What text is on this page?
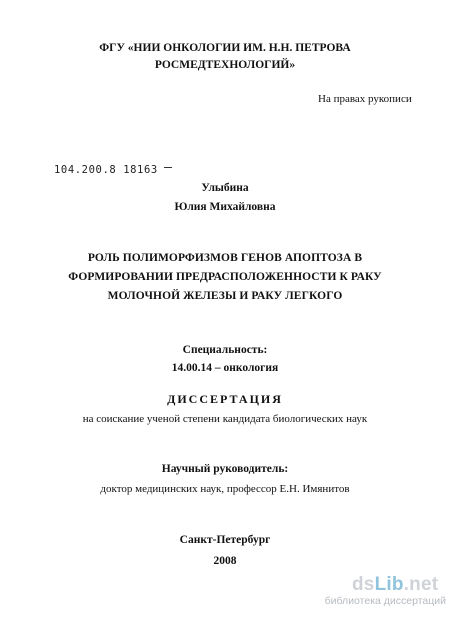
ФГУ «НИИ ОНКОЛОГИИ ИМ. Н.Н. ПЕТРОВА
РОСМЕДТЕХНОЛОГИЙ»
На правах рукописи
104.200.8 18163
Улыбина
Юлия Михайловна
РОЛЬ ПОЛИМОРФИЗМОВ ГЕНОВ АПОПТОЗА В
ФОРМИРОВАНИИ ПРЕДРАСПОЛОЖЕННОСТИ К РАКУ
МОЛОЧНОЙ ЖЕЛЕЗЫ И РАКУ ЛЕГКОГО
Специальность:
14.00.14 – онкология
ДИССЕРТАЦИЯ
на соискание ученой степени кандидата биологических наук
Научный руководитель:
доктор медицинских наук, профессор Е.Н. Имянитов
Санкт-Петербург
2008
dsLib.net
библиотека диссертаций
